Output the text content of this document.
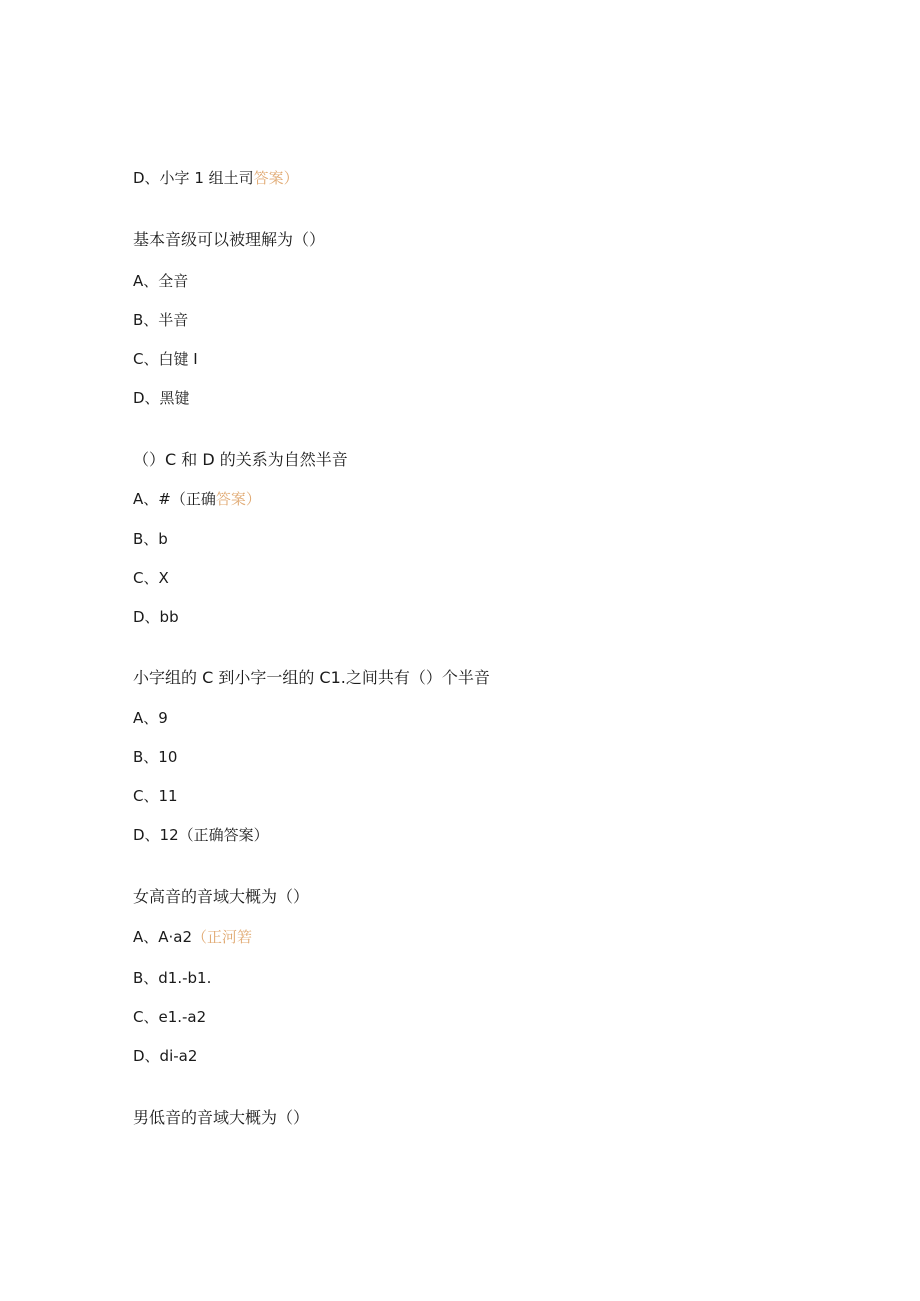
D、小字 1 组土司答案）
基本音级可以被理解为（）
A、全音
B、半音
C、白键 I
D、黑键
（）C 和 D 的关系为自然半音
A、#（正确答案）
B、b
C、X
D、bb
小字组的 C 到小字一组的 C1.之间共有（）个半音
A、9
B、10
C、11
D、12（正确答案）
女高音的音域大概为（）
A、A·a2（正河箬
B、d1.-b1.
C、e1.-a2
D、di-a2
男低音的音域大概为（）
